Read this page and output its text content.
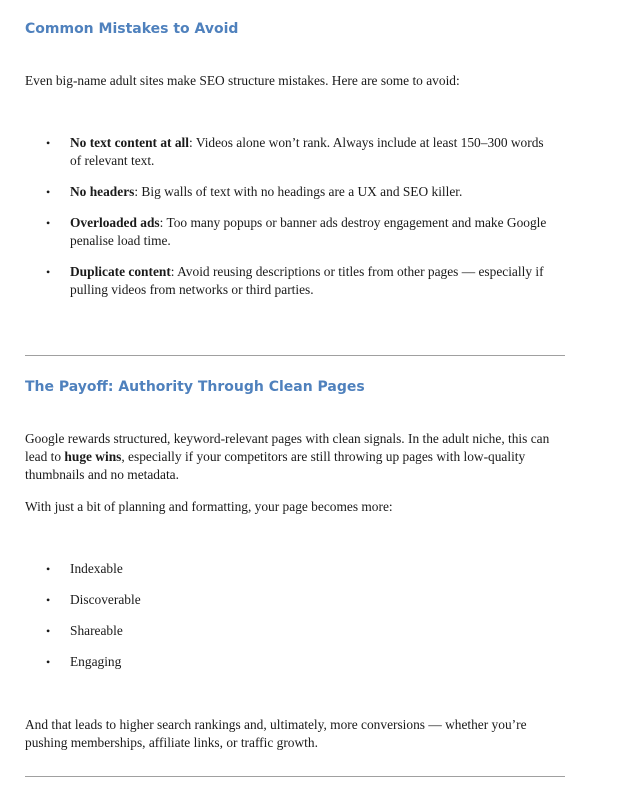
Common Mistakes to Avoid

Even big-name adult sites make SEO structure mistakes. Here are some to avoid:

•	No text content at all: Videos alone won’t rank. Always include at least 150–300 words of relevant text.
•	No headers: Big walls of text with no headings are a UX and SEO killer.
•	Overloaded ads: Too many popups or banner ads destroy engagement and make Google penalise load time.
•	Duplicate content: Avoid reusing descriptions or titles from other pages — especially if pulling videos from networks or third parties.
The Payoff: Authority Through Clean Pages

Google rewards structured, keyword-relevant pages with clean signals. In the adult niche, this can lead to huge wins, especially if your competitors are still throwing up pages with low-quality thumbnails and no metadata.

With just a bit of planning and formatting, your page becomes more:

•	Indexable
•	Discoverable
•	Shareable
•	Engaging

And that leads to higher search rankings and, ultimately, more conversions — whether you’re pushing memberships, affiliate links, or traffic growth.
